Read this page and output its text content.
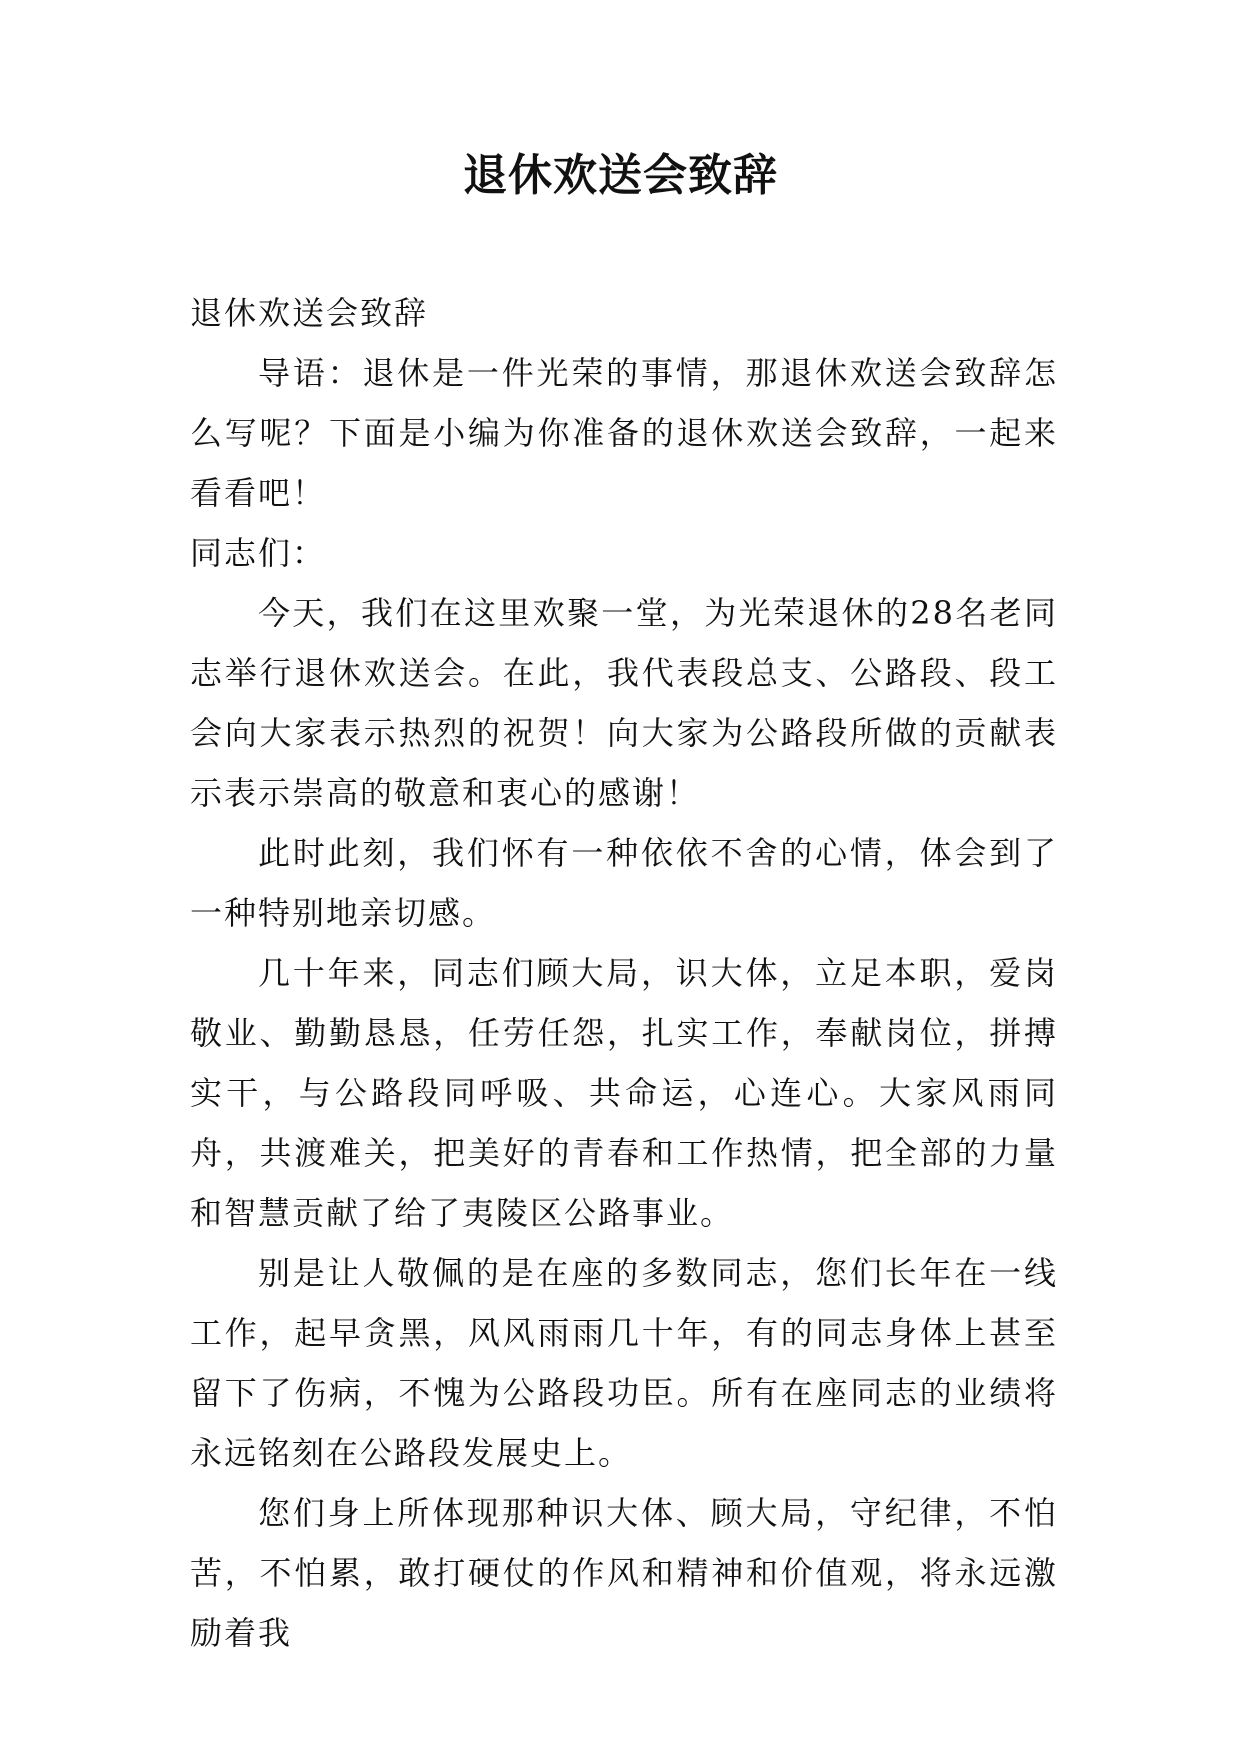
退休欢送会致辞

退休欢送会致辞

导语：退休是一件光荣的事情，那退休欢送会致辞怎么写呢？下面是小编为你准备的退休欢送会致辞，一起来看看吧！

同志们：

今天，我们在这里欢聚一堂，为光荣退休的28名老同志举行退休欢送会。在此，我代表段总支、公路段、段工会向大家表示热烈的祝贺！向大家为公路段所做的贡献表示表示崇高的敬意和衷心的感谢！

此时此刻，我们怀有一种依依不舍的心情，体会到了一种特别地亲切感。

几十年来，同志们顾大局，识大体，立足本职，爱岗敬业、勤勤恳恳，任劳任怨，扎实工作，奉献岗位，拼搏实干，与公路段同呼吸、共命运，心连心。大家风雨同舟，共渡难关，把美好的青春和工作热情，把全部的力量和智慧贡献了给了夷陵区公路事业。

别是让人敬佩的是在座的多数同志，您们长年在一线工作，起早贪黑，风风雨雨几十年，有的同志身体上甚至留下了伤病，不愧为公路段功臣。所有在座同志的业绩将永远铭刻在公路段发展史上。

您们身上所体现那种识大体、顾大局，守纪律，不怕苦，不怕累，敢打硬仗的作风和精神和价值观，将永远激励着我
